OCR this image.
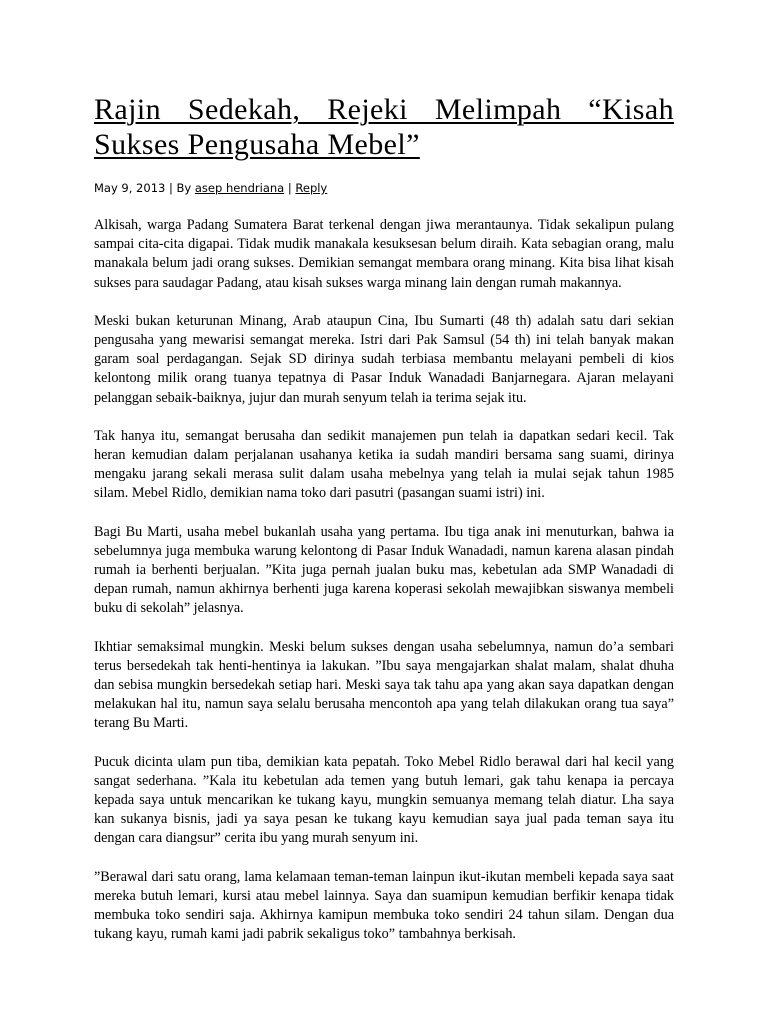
Rajin Sedekah, Rejeki Melimpah “Kisah Sukses Pengusaha Mebel”
May 9, 2013 | By asep hendriana | Reply

Alkisah, warga Padang Sumatera Barat terkenal dengan jiwa merantaunya. Tidak sekalipun pulang sampai cita-cita digapai. Tidak mudik manakala kesuksesan belum diraih. Kata sebagian orang, malu manakala belum jadi orang sukses. Demikian semangat membara orang minang. Kita bisa lihat kisah sukses para saudagar Padang, atau kisah sukses warga minang lain dengan rumah makannya.

Meski bukan keturunan Minang, Arab ataupun Cina, Ibu Sumarti (48 th) adalah satu dari sekian pengusaha yang mewarisi semangat mereka. Istri dari Pak Samsul (54 th) ini telah banyak makan garam soal perdagangan. Sejak SD dirinya sudah terbiasa membantu melayani pembeli di kios kelontong milik orang tuanya tepatnya di Pasar Induk Wanadadi Banjarnegara. Ajaran melayani pelanggan sebaik-baiknya, jujur dan murah senyum telah ia terima sejak itu.

Tak hanya itu, semangat berusaha dan sedikit manajemen pun telah ia dapatkan sedari kecil. Tak heran kemudian dalam perjalanan usahanya ketika ia sudah mandiri bersama sang suami, dirinya mengaku jarang sekali merasa sulit dalam usaha mebelnya yang telah ia mulai sejak tahun 1985 silam. Mebel Ridlo, demikian nama toko dari pasutri (pasangan suami istri) ini.

Bagi Bu Marti, usaha mebel bukanlah usaha yang pertama. Ibu tiga anak ini menuturkan, bahwa ia sebelumnya juga membuka warung kelontong di Pasar Induk Wanadadi, namun karena alasan pindah rumah ia berhenti berjualan. ”Kita juga pernah jualan buku mas, kebetulan ada SMP Wanadadi di depan rumah, namun akhirnya berhenti juga karena koperasi sekolah mewajibkan siswanya membeli buku di sekolah” jelasnya.

Ikhtiar semaksimal mungkin. Meski belum sukses dengan usaha sebelumnya, namun do’a sembari terus bersedekah tak henti-hentinya ia lakukan. ”Ibu saya mengajarkan shalat malam, shalat dhuha dan sebisa mungkin bersedekah setiap hari. Meski saya tak tahu apa yang akan saya dapatkan dengan melakukan hal itu, namun saya selalu berusaha mencontoh apa yang telah dilakukan orang tua saya” terang Bu Marti.

Pucuk dicinta ulam pun tiba, demikian kata pepatah. Toko Mebel Ridlo berawal dari hal kecil yang sangat sederhana. ”Kala itu kebetulan ada temen yang butuh lemari, gak tahu kenapa ia percaya kepada saya untuk mencarikan ke tukang kayu, mungkin semuanya memang telah diatur. Lha saya kan sukanya bisnis, jadi ya saya pesan ke tukang kayu kemudian saya jual pada teman saya itu dengan cara diangsur” cerita ibu yang murah senyum ini.

”Berawal dari satu orang, lama kelamaan teman-teman lainpun ikut-ikutan membeli kepada saya saat mereka butuh lemari, kursi atau mebel lainnya. Saya dan suamipun kemudian berfikir kenapa tidak membuka toko sendiri saja. Akhirnya kamipun membuka toko sendiri 24 tahun silam. Dengan dua tukang kayu, rumah kami jadi pabrik sekaligus toko” tambahnya berkisah.
